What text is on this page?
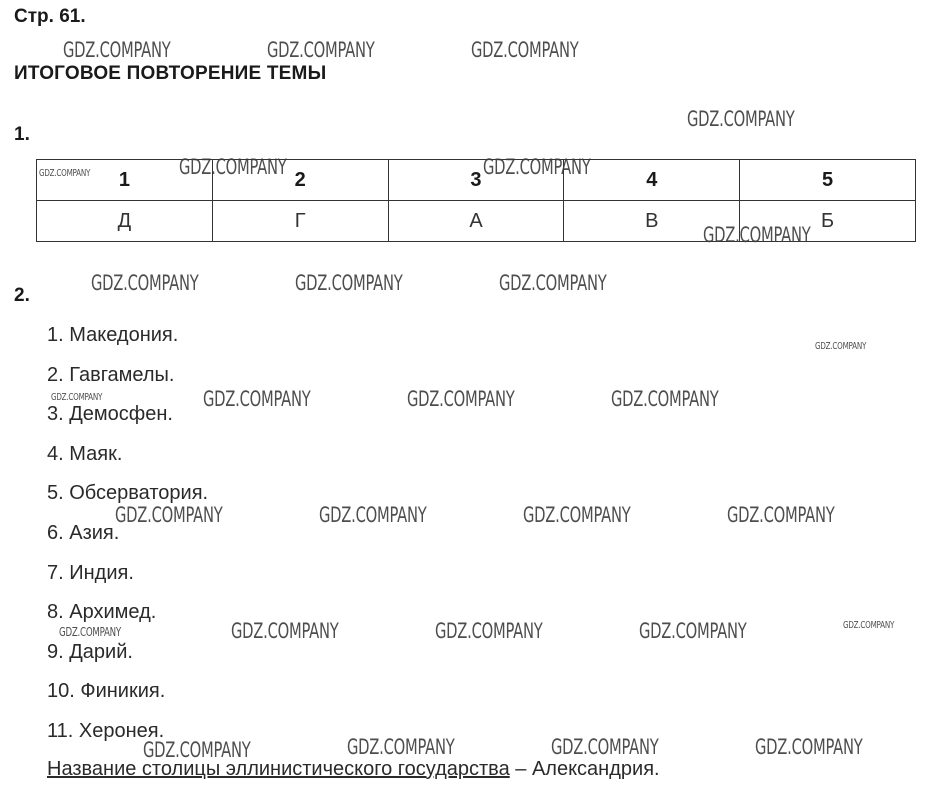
Стр. 61.
ИТОГОВОЕ ПОВТОРЕНИЕ ТЕМЫ
1.
1	2	3	4	5
Д	Г	А	В	Б
2.
1. Македония.
2. Гавгамелы.
3. Демосфен.
4. Маяк.
5. Обсерватория.
6. Азия.
7. Индия.
8. Архимед.
9. Дарий.
10. Финикия.
11. Херонея.
Название столицы эллинистического государства – Александрия.
GDZ.COMPANY	GDZ.COMPANY	GDZ.COMPANY
GDZ.COMPANY
GDZ.COMPANY	GDZ.COMPANY	GDZ.COMPANY
GDZ.COMPANY
GDZ.COMPANY	GDZ.COMPANY	GDZ.COMPANY
GDZ.COMPANY
GDZ.COMPANY	GDZ.COMPANY	GDZ.COMPANY	GDZ.COMPANY
GDZ.COMPANY	GDZ.COMPANY	GDZ.COMPANY	GDZ.COMPANY
GDZ.COMPANY	GDZ.COMPANY	GDZ.COMPANY	GDZ.COMPANY	GDZ.COMPANY
GDZ.COMPANY	GDZ.COMPANY	GDZ.COMPANY	GDZ.COMPANY
